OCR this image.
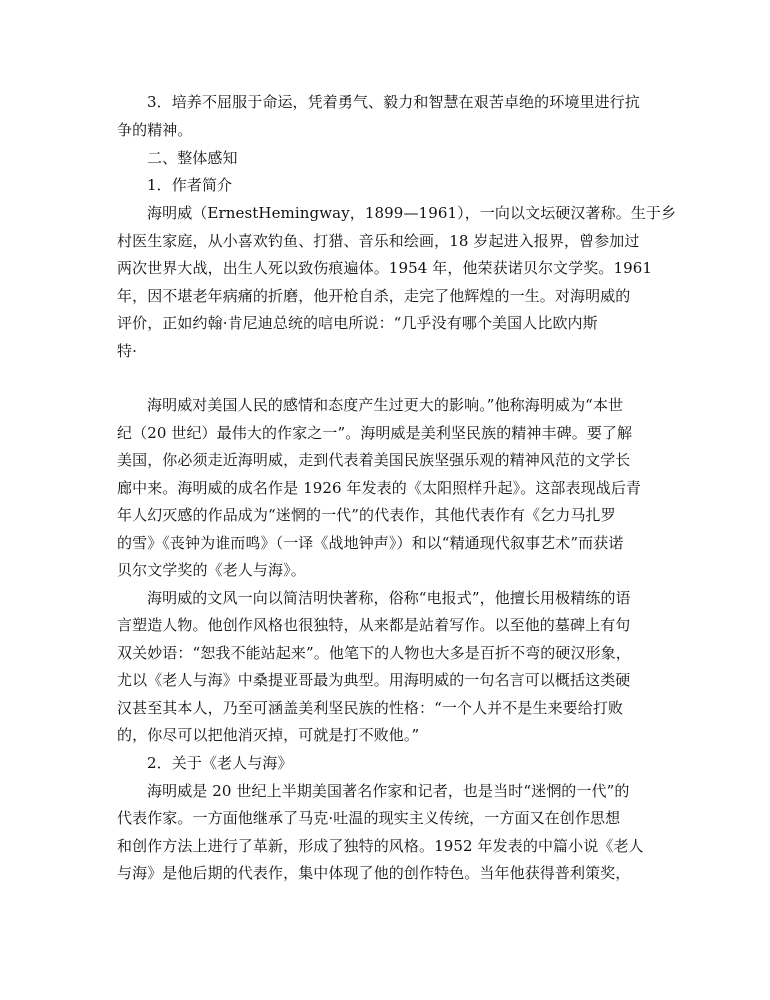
3．培养不屈服于命运，凭着勇气、毅力和智慧在艰苦卓绝的环境里进行抗
争的精神。
二、整体感知
1．作者简介
海明威（ErnestHemingway，1899—1961），一向以文坛硬汉著称。生于乡
村医生家庭，从小喜欢钓鱼、打猎、音乐和绘画，18 岁起进入报界，曾参加过
两次世界大战，出生人死以致伤痕遍体。1954 年，他荣获诺贝尔文学奖。1961
年，因不堪老年病痛的折磨，他开枪自杀，走完了他辉煌的一生。对海明威的
评价，正如约翰·肯尼迪总统的唁电所说：“几乎没有哪个美国人比欧内斯
特·
海明威对美国人民的感情和态度产生过更大的影响。”他称海明威为“本世
纪（20 世纪）最伟大的作家之一”。海明威是美利坚民族的精神丰碑。要了解
美国，你必须走近海明威，走到代表着美国民族坚强乐观的精神风范的文学长
廊中来。海明威的成名作是 1926 年发表的《太阳照样升起》。这部表现战后青
年人幻灭感的作品成为“迷惘的一代”的代表作，其他代表作有《乞力马扎罗
的雪》《丧钟为谁而鸣》（一译《战地钟声》）和以“精通现代叙事艺术”而获诺
贝尔文学奖的《老人与海》。
海明威的文风一向以简洁明快著称，俗称“电报式”，他擅长用极精练的语
言塑造人物。他创作风格也很独特，从来都是站着写作。以至他的墓碑上有句
双关妙语：“恕我不能站起来”。他笔下的人物也大多是百折不弯的硬汉形象，
尤以《老人与海》中桑提亚哥最为典型。用海明威的一句名言可以概括这类硬
汉甚至其本人，乃至可涵盖美利坚民族的性格：“一个人并不是生来要给打败
的，你尽可以把他消灭掉，可就是打不败他。”
2．关于《老人与海》
海明威是 20 世纪上半期美国著名作家和记者，也是当时“迷惘的一代”的
代表作家。一方面他继承了马克·吐温的现实主义传统，一方面又在创作思想
和创作方法上进行了革新，形成了独特的风格。1952 年发表的中篇小说《老人
与海》是他后期的代表作，集中体现了他的创作特色。当年他获得普利策奖，
